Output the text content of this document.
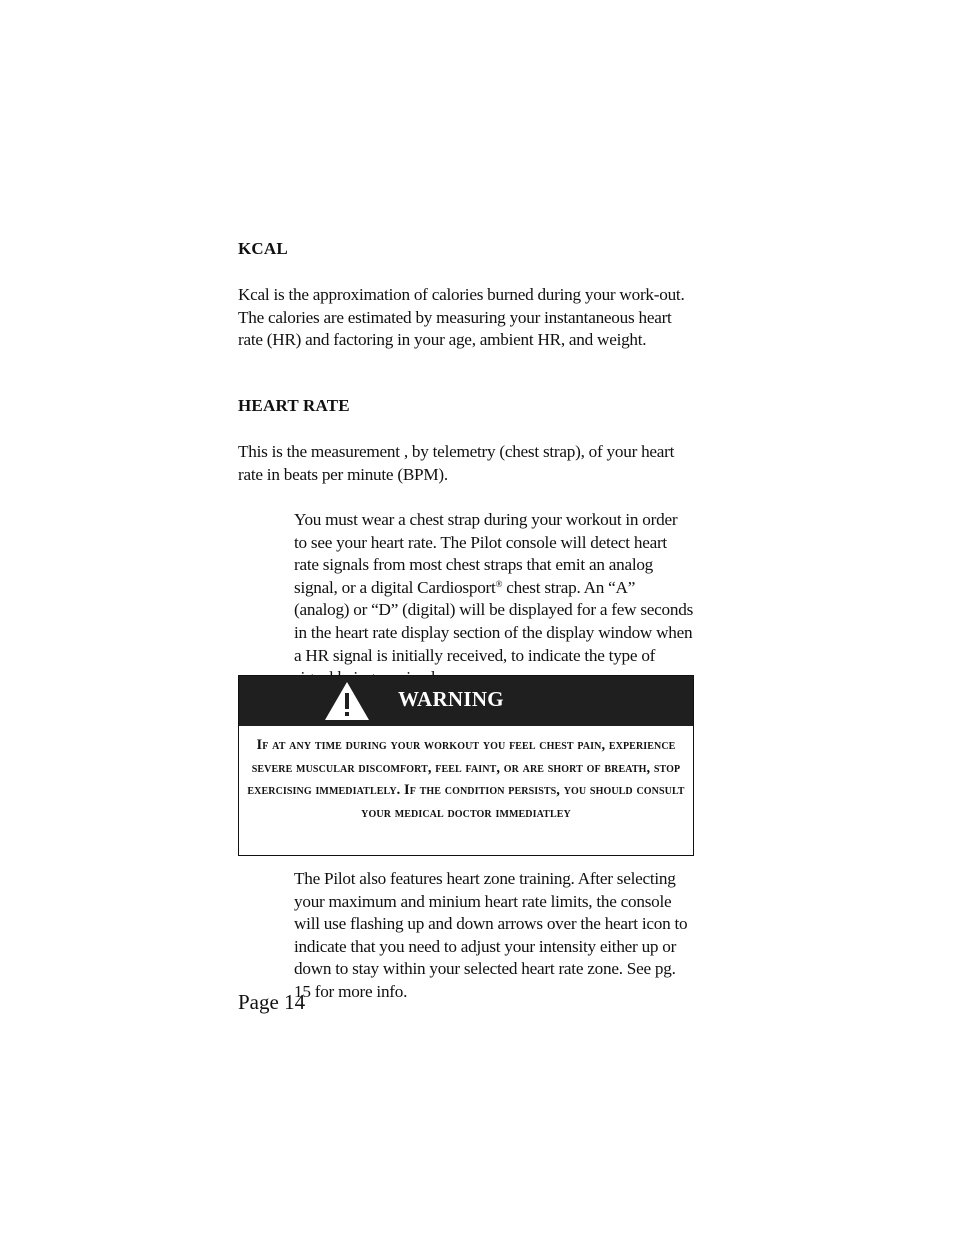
KCAL

Kcal is the approximation of calories burned during your work-out. The calories are estimated by measuring your instantaneous heart rate (HR) and factoring in your age, ambient HR, and weight.

HEART RATE

This is the measurement , by telemetry (chest strap), of your heart rate in beats per minute (BPM).

You must wear a chest strap during your workout in order to see your heart rate. The Pilot console will detect heart rate signals from most chest straps that emit an analog signal, or a digital Cardiosport® chest strap. An “A” (analog) or “D” (digital) will be displayed for a few seconds in the heart rate display section of the display window when a HR signal is initially received, to indicate the type of

WARNING

If at any time during your workout you feel chest pain, experience severe muscular discomfort, feel faint, or are short of breath, stop exercising immediatlely. If the condition persists, you should consult your medical doctor immediatley

The Pilot also features heart zone training. After selecting your maximum and minium heart rate limits, the console will use flashing up and down arrows over the heart icon to indicate that you need to adjust your intensity either up or down to stay within your selected heart rate zone. See pg. 15 for more info.

Page 14
